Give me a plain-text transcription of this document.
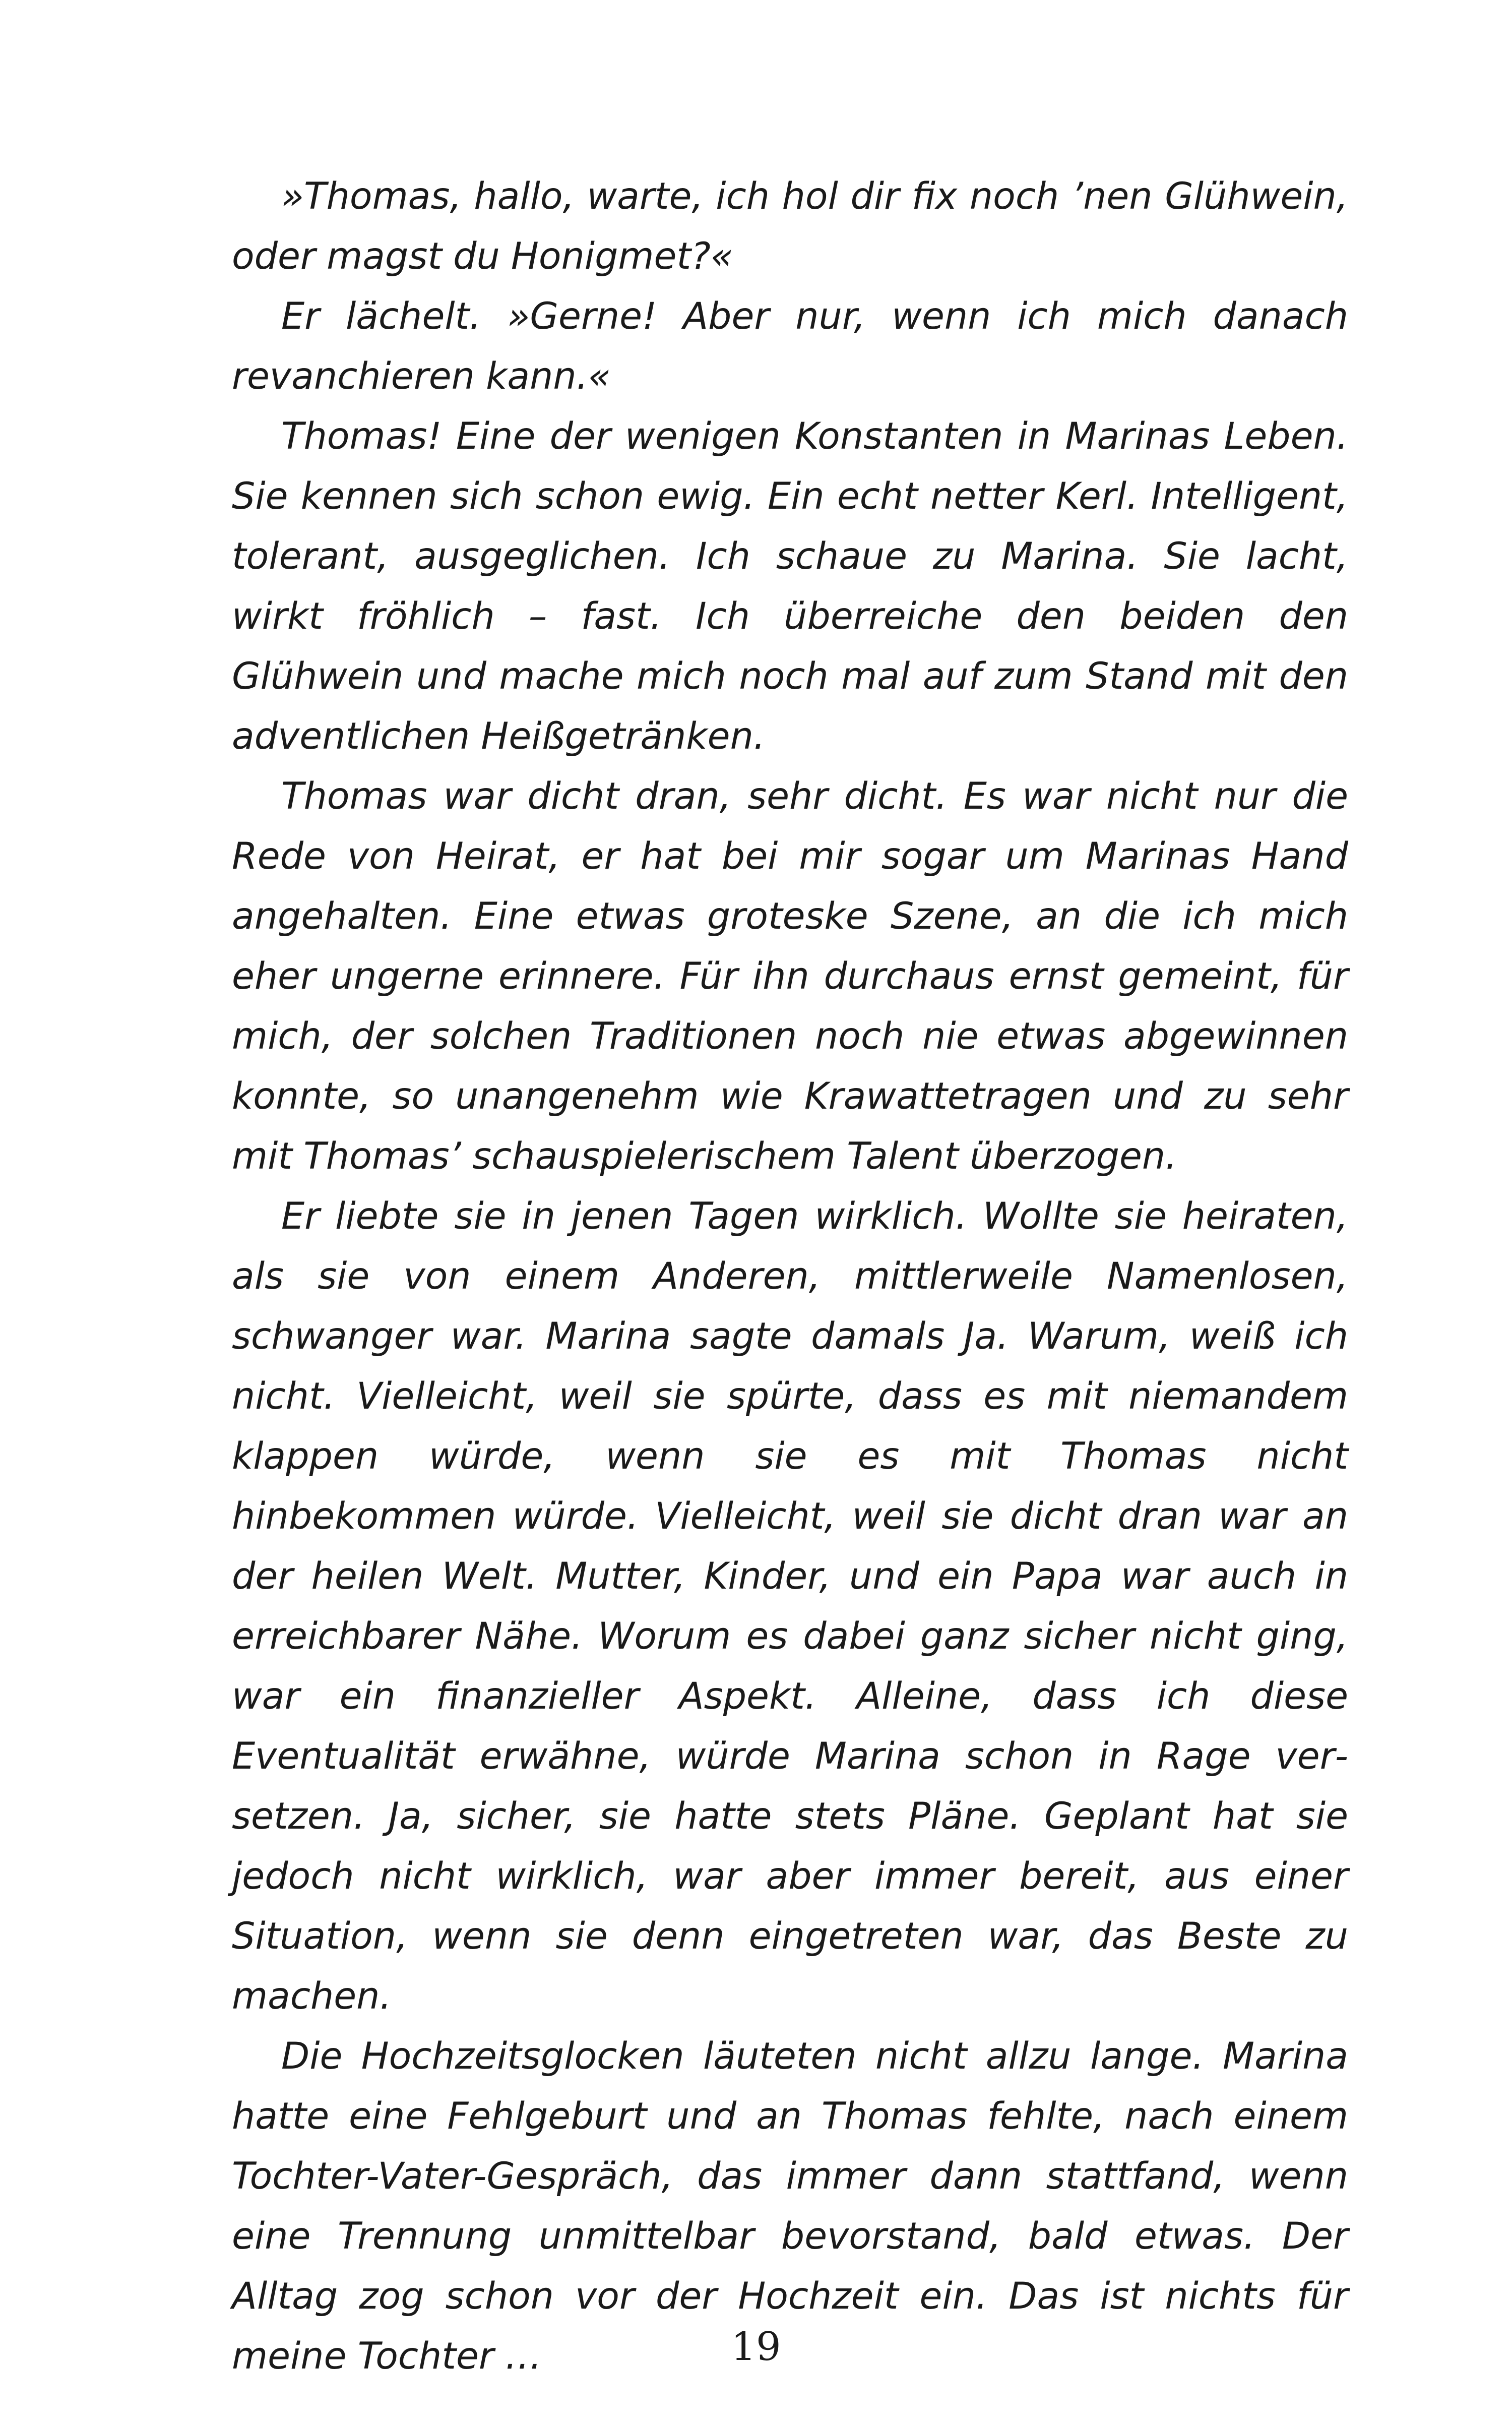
»Thomas, hallo, warte, ich hol dir fix noch ’nen Glühwein, oder magst du Honigmet?«

Er lächelt. »Gerne! Aber nur, wenn ich mich danach revanchieren kann.«

Thomas! Eine der wenigen Konstanten in Marinas Leben. Sie kennen sich schon ewig. Ein echt netter Kerl. Intelligent, tolerant, ausgeglichen. Ich schaue zu Marina. Sie lacht, wirkt fröhlich – fast. Ich überreiche den beiden den Glühwein und mache mich noch mal auf zum Stand mit den adventlichen Heißgetränken.

Thomas war dicht dran, sehr dicht. Es war nicht nur die Rede von Heirat, er hat bei mir sogar um Marinas Hand angehalten. Eine etwas groteske Szene, an die ich mich eher ungerne erinnere. Für ihn durchaus ernst gemeint, für mich, der solchen Traditionen noch nie etwas abgewinnen konnte, so unangenehm wie Krawattetragen und zu sehr mit Thomas’ schauspielerischem Talent überzogen.

Er liebte sie in jenen Tagen wirklich. Wollte sie heiraten, als sie von einem Anderen, mittlerweile Namenlosen, schwanger war. Marina sagte damals Ja. Warum, weiß ich nicht. Vielleicht, weil sie spürte, dass es mit niemandem klappen würde, wenn sie es mit Thomas nicht hinbekommen würde. Vielleicht, weil sie dicht dran war an der heilen Welt. Mutter, Kinder, und ein Papa war auch in erreichbarer Nähe. Worum es dabei ganz sicher nicht ging, war ein finanzieller Aspekt. Alleine, dass ich diese Eventualität erwähne, würde Marina schon in Rage versetzen. Ja, sicher, sie hatte stets Pläne. Geplant hat sie jedoch nicht wirklich, war aber immer bereit, aus einer Situation, wenn sie denn eingetreten war, das Beste zu machen.

Die Hochzeitsglocken läuteten nicht allzu lange. Marina hatte eine Fehlgeburt und an Thomas fehlte, nach einem Tochter-Vater-Gespräch, das immer dann stattfand, wenn eine Trennung unmittelbar bevorstand, bald etwas. Der Alltag zog schon vor der Hochzeit ein. Das ist nichts für meine Tochter …	19
